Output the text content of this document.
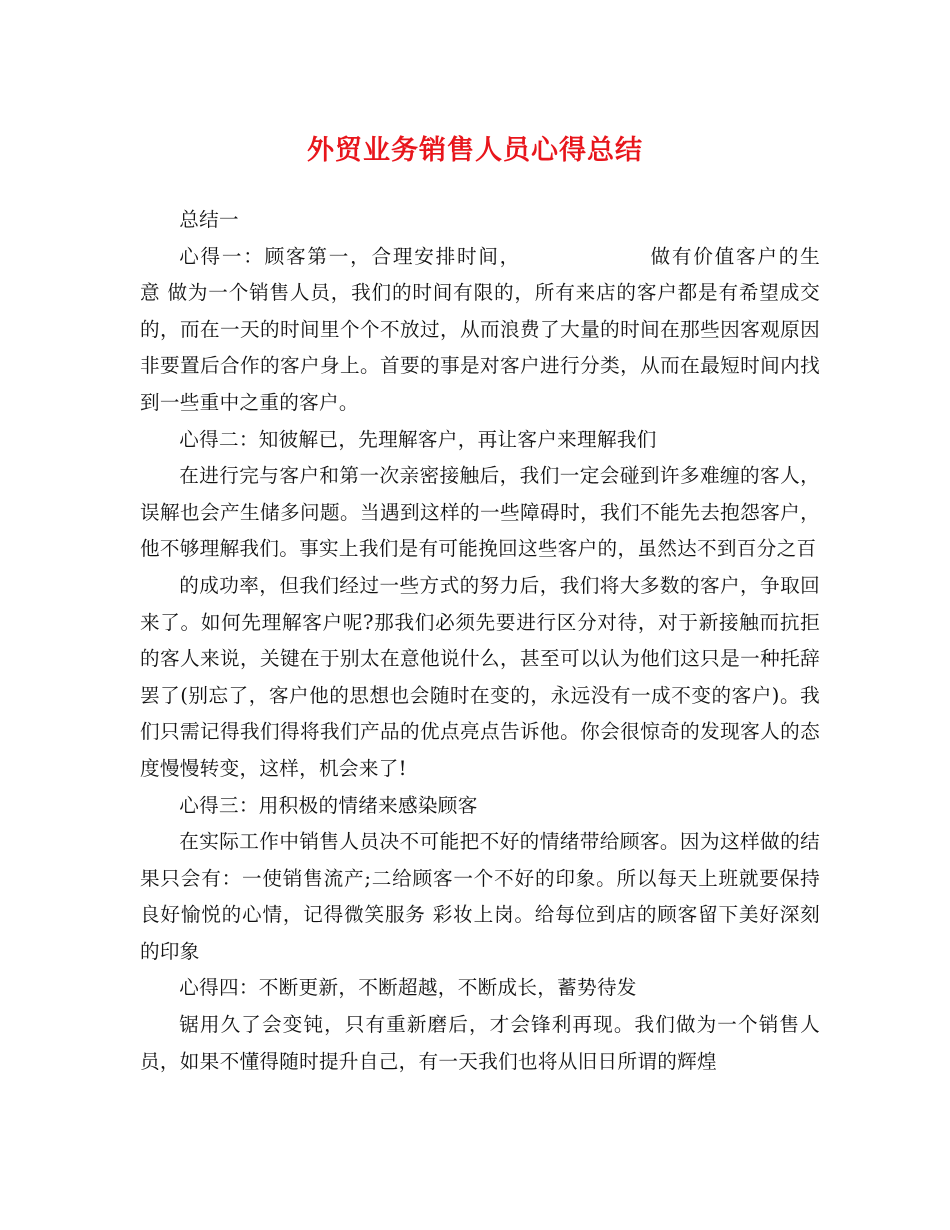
外贸业务销售人员心得总结

总结一

心得一：顾客第一，合理安排时间，	做有价值客户的生意 做为一个销售人员，我们的时间有限的，所有来店的客户都是有希望成交的，而在一天的时间里个个不放过，从而浪费了大量的时间在那些因客观原因非要置后合作的客户身上。首要的事是对客户进行分类，从而在最短时间内找到一些重中之重的客户。

心得二：知彼解已，先理解客户，再让客户来理解我们

在进行完与客户和第一次亲密接触后，我们一定会碰到许多难缠的客人，误解也会产生储多问题。当遇到这样的一些障碍时，我们不能先去抱怨客户，他不够理解我们。事实上我们是有可能挽回这些客户的，虽然达不到百分之百

的成功率，但我们经过一些方式的努力后，我们将大多数的客户，争取回来了。如何先理解客户呢?那我们必须先要进行区分对待，对于新接触而抗拒的客人来说，关键在于别太在意他说什么，甚至可以认为他们这只是一种托辞罢了(别忘了，客户他的思想也会随时在变的，永远没有一成不变的客户)。我们只需记得我们得将我们产品的优点亮点告诉他。你会很惊奇的发现客人的态度慢慢转变，这样，机会来了!

心得三：用积极的情绪来感染顾客

在实际工作中销售人员决不可能把不好的情绪带给顾客。因为这样做的结果只会有：一使销售流产;二给顾客一个不好的印象。所以每天上班就要保持良好愉悦的心情，记得微笑服务 彩妆上岗。给每位到店的顾客留下美好深刻的印象

心得四：不断更新，不断超越，不断成长，蓄势待发

锯用久了会变钝，只有重新磨后，才会锋利再现。我们做为一个销售人员，如果不懂得随时提升自己，有一天我们也将从旧日所谓的辉煌
